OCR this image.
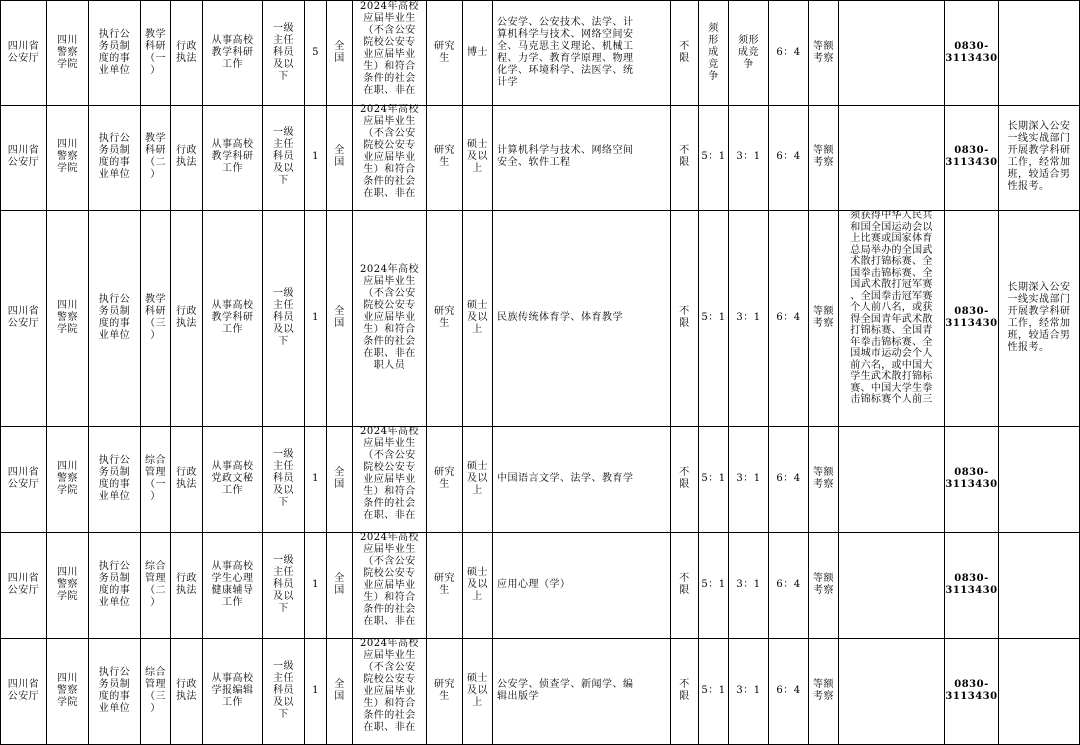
四川省
公安厅
四川
警察
学院
执行公
务员制
度的事
业单位
教学
科研
（一
）
行政
执法
从事高校
教学科研
工作
一级
主任
科员
及以
下
5
全
国
2024年高校
应届毕业生
（不含公安
院校公安专
业应届毕业
生）和符合
条件的社会
在职、非在
研究
生
博士
公安学、公安技术、法学、计
算机科学与技术、网络空间安
全、马克思主义理论、机械工
程、力学、教育学原理、物理
化学、环境科学、法医学、统
计学
不
限
须
形
成
竞
争
须形
成竞
争
6：4
等额
考察
0830-
3113430
四川省
公安厅
四川
警察
学院
执行公
务员制
度的事
业单位
教学
科研
（二
）
行政
执法
从事高校
教学科研
工作
一级
主任
科员
及以
下
1
全
国
2024年高校
应届毕业生
（不含公安
院校公安专
业应届毕业
生）和符合
条件的社会
在职、非在
研究
生
硕士
及以
上
计算机科学与技术、网络空间
安全、软件工程
不
限
5：1 3：1 6：4
等额
考察
0830-
3113430
长期深入公安
一线实战部门
开展教学科研
工作，经常加
班，较适合男
性报考。
四川省
公安厅
四川
警察
学院
执行公
务员制
度的事
业单位
教学
科研
（三
）
行政
执法
从事高校
教学科研
工作
一级
主任
科员
及以
下
1
全
国
2024年高校
应届毕业生
（不含公安
院校公安专
业应届毕业
生）和符合
条件的社会
在职、非在
职人员
研究
生
硕士
及以
上
民族传统体育学、体育教学
不
限
5：1 3：1 6：4
等额
考察
须获得中华人民共
和国全国运动会以
上比赛或国家体育
总局举办的全国武
术散打锦标赛、全
国拳击锦标赛、全
国武术散打冠军赛
、全国拳击冠军赛
个人前八名，或获
得全国青年武术散
打锦标赛、全国青
年拳击锦标赛、全
国城市运动会个人
前六名，或中国大
学生武术散打锦标
赛、中国大学生拳
击锦标赛个人前三
0830-
3113430
长期深入公安
一线实战部门
开展教学科研
工作，经常加
班，较适合男
性报考。
四川省
公安厅
四川
警察
学院
执行公
务员制
度的事
业单位
综合
管理
（一
）
行政
执法
从事高校
党政文秘
工作
一级
主任
科员
及以
下
1
全
国
2024年高校
应届毕业生
（不含公安
院校公安专
业应届毕业
生）和符合
条件的社会
在职、非在
研究
生
硕士
及以
上
中国语言文学、法学、教育学
不
限
5：1 3：1 6：4
等额
考察
0830-
3113430
四川省
公安厅
四川
警察
学院
执行公
务员制
度的事
业单位
综合
管理
（二
）
行政
执法
从事高校
学生心理
健康辅导
工作
一级
主任
科员
及以
下
1
全
国
2024年高校
应届毕业生
（不含公安
院校公安专
业应届毕业
生）和符合
条件的社会
在职、非在
研究
生
硕士
及以
上
应用心理（学）
不
限
5：1 3：1 6：4
等额
考察
0830-
3113430
四川省
公安厅
四川
警察
学院
执行公
务员制
度的事
业单位
综合
管理
（三
）
行政
执法
从事高校
学报编辑
工作
一级
主任
科员
及以
下
1
全
国
2024年高校
应届毕业生
（不含公安
院校公安专
业应届毕业
生）和符合
条件的社会
在职、非在
研究
生
硕士
及以
上
公安学、侦查学、新闻学、编
辑出版学
不
限
5：1 3：1 6：4
等额
考察
0830-
3113430
